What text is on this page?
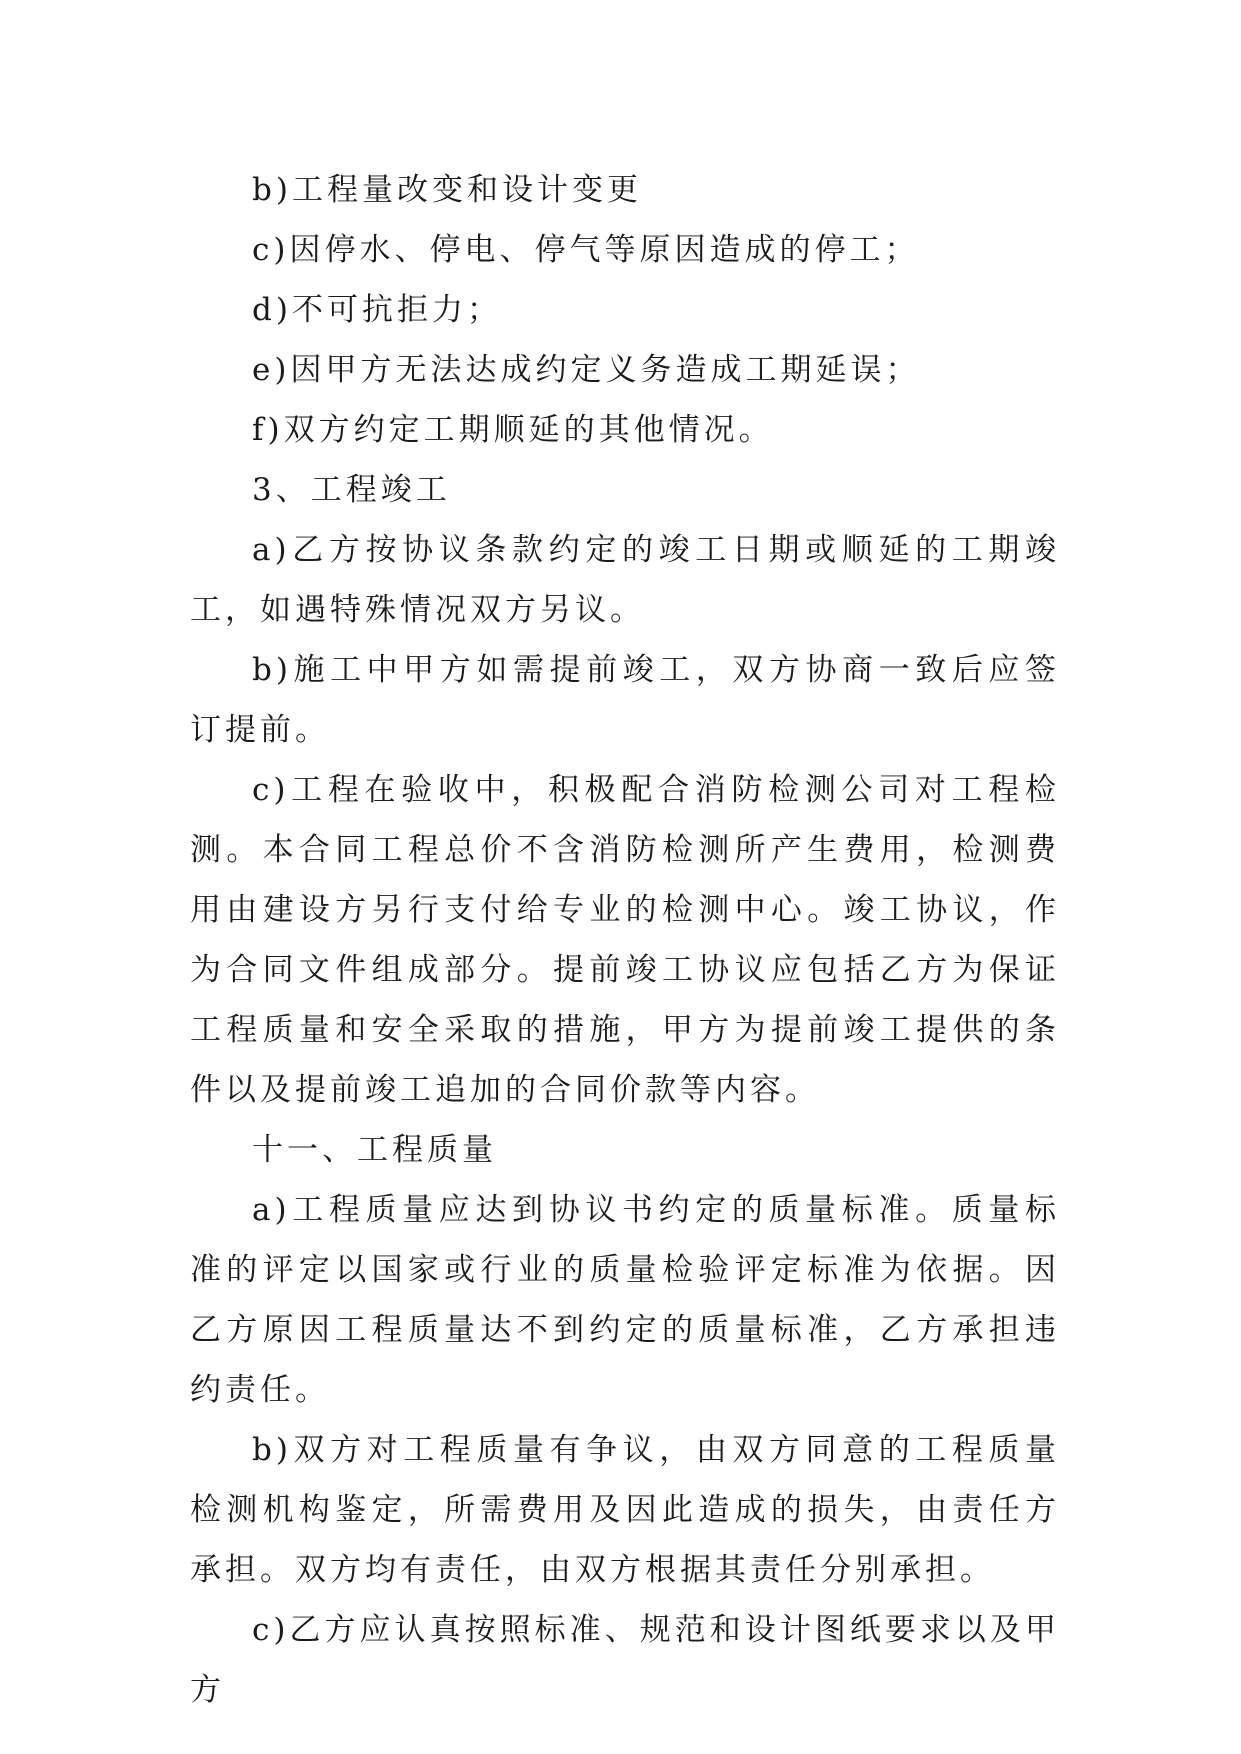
b)工程量改变和设计变更

c)因停水、停电、停气等原因造成的停工；

d)不可抗拒力；

e)因甲方无法达成约定义务造成工期延误；

f)双方约定工期顺延的其他情况。

3、工程竣工

a)乙方按协议条款约定的竣工日期或顺延的工期竣工，如遇特殊情况双方另议。

b)施工中甲方如需提前竣工，双方协商一致后应签订提前。

c)工程在验收中，积极配合消防检测公司对工程检测。本合同工程总价不含消防检测所产生费用，检测费用由建设方另行支付给专业的检测中心。竣工协议，作为合同文件组成部分。提前竣工协议应包括乙方为保证工程质量和安全采取的措施，甲方为提前竣工提供的条件以及提前竣工追加的合同价款等内容。

十一、工程质量

a)工程质量应达到协议书约定的质量标准。质量标准的评定以国家或行业的质量检验评定标准为依据。因乙方原因工程质量达不到约定的质量标准，乙方承担违约责任。

b)双方对工程质量有争议，由双方同意的工程质量检测机构鉴定，所需费用及因此造成的损失，由责任方承担。双方均有责任，由双方根据其责任分别承担。

c)乙方应认真按照标准、规范和设计图纸要求以及甲方
